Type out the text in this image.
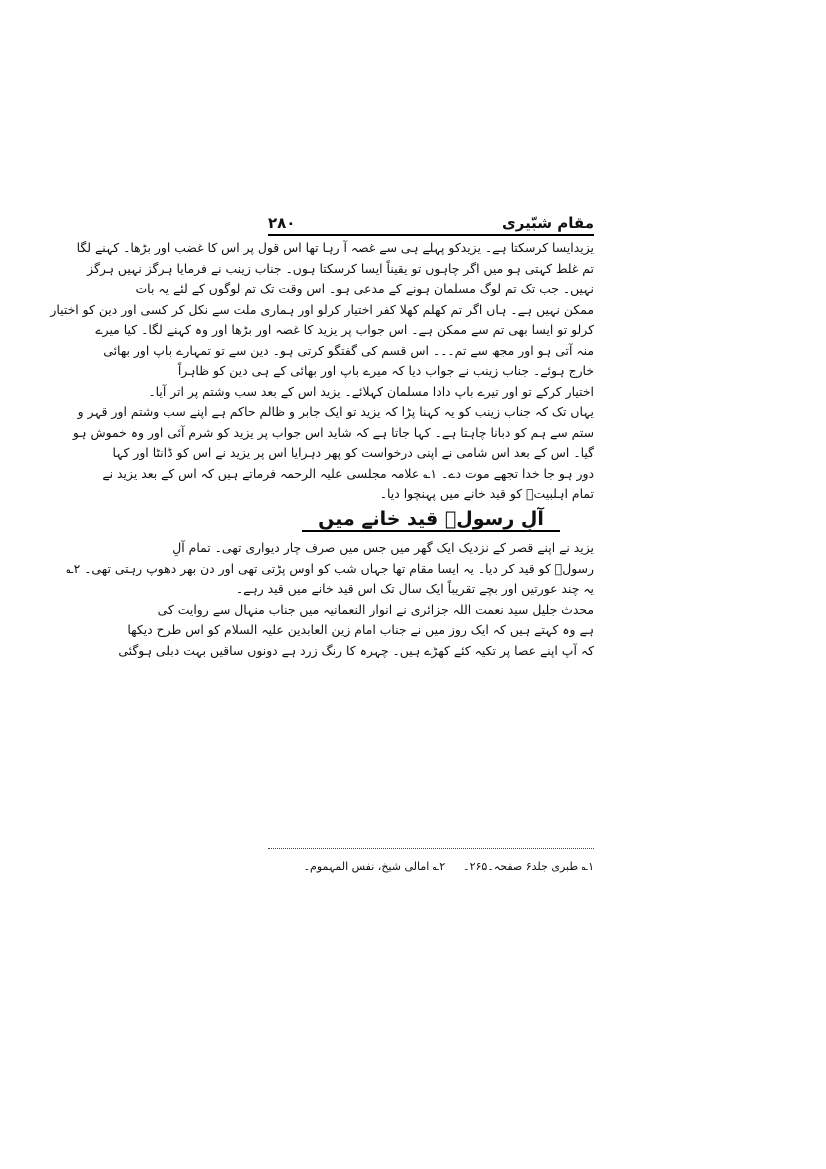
۲۸۰	مقام شبّیری
یزیدایسا کرسکتا ہے۔ یزیدکو پہلے ہی سے غصہ آ رہا تھا اس قول پر اس کا غضب اور بڑھا۔ کہنے لگا
تم غلط کہتی ہو میں اگر چاہوں تو یقیناً ایسا کرسکتا ہوں۔ جناب زینب نے فرمایا ہرگز نہیں ہرگز
نہیں۔ جب تک تم لوگ مسلمان ہونے کے مدعی ہو۔ اس وقت تک تم لوگوں کے لئے یہ بات
ممکن نہیں ہے۔ ہاں اگر تم کھلم کھلا کفر اختیار کرلو اور ہماری ملت سے نکل کر کسی اور دین کو اختیار
کرلو تو ایسا بھی تم سے ممکن ہے۔ اس جواب پر یزید کا غصہ اور بڑھا اور وہ کہنے لگا۔ کیا میرے
منہ آتی ہو اور مجھ سے تم۔۔۔ اس قسم کی گفتگو کرتی ہو۔ دین سے تو تمہارے باپ اور بھائی
خارج ہوئے۔ جناب زینب نے جواب دیا کہ میرے باپ اور بھائی کے ہی دین کو ظاہراً
اختیار کرکے تو اور تیرے باپ دادا مسلمان کہلائے۔ یزید اس کے بعد سب وشتم پر اتر آیا۔
یہاں تک کہ جناب زینب کو یہ کہنا پڑا کہ یزید تو ایک جابر و ظالم حاکم ہے اپنے سب وشتم اور قہر و
ستم سے ہم کو دبانا چاہتا ہے۔ کہا جاتا ہے کہ شاید اس جواب پر یزید کو شرم آئی اور وہ خموش ہو
گیا۔ اس کے بعد اس شامی نے اپنی درخواست کو پھر دہرایا اس پر یزید نے اس کو ڈانٹا اور کہا
دور ہو جا خدا تجھے موت دے۔ ۱؎ علامہ مجلسی علیہ الرحمہ فرماتے ہیں کہ اس کے بعد یزید نے
تمام اہلبیتؑ کو قید خانے میں پہنچوا دیا۔
آلِ رسولؐ قید خانے میں
یزید نے اپنے قصر کے نزدیک ایک گھر میں جس میں صرف چار دیواری تھی۔ تمام آلِ
رسولؐ کو قید کر دیا۔ یہ ایسا مقام تھا جہاں شب کو اوس پڑتی تھی اور دن بھر دھوپ رہتی تھی۔ ۲؎
یہ چند عورتیں اور بچے تقریباً ایک سال تک اس قید خانے میں قید رہے۔
محدث جلیل سید نعمت اللہ جزائری نے انوار النعمانیہ میں جناب منہال سے روایت کی
ہے وہ کہتے ہیں کہ ایک روز میں نے جناب امام زین العابدین علیہ السلام کو اس طرح دیکھا
کہ آپ اپنے عصا پر تکیہ کئے کھڑے ہیں۔ چہرہ کا رنگ زرد ہے دونوں ساقیں بہت دبلی ہوگئی
۱؎ طبری جلد۶ صفحہ۔۲۶۵۔
۲؎ امالی شیخ، نفس المہموم۔
